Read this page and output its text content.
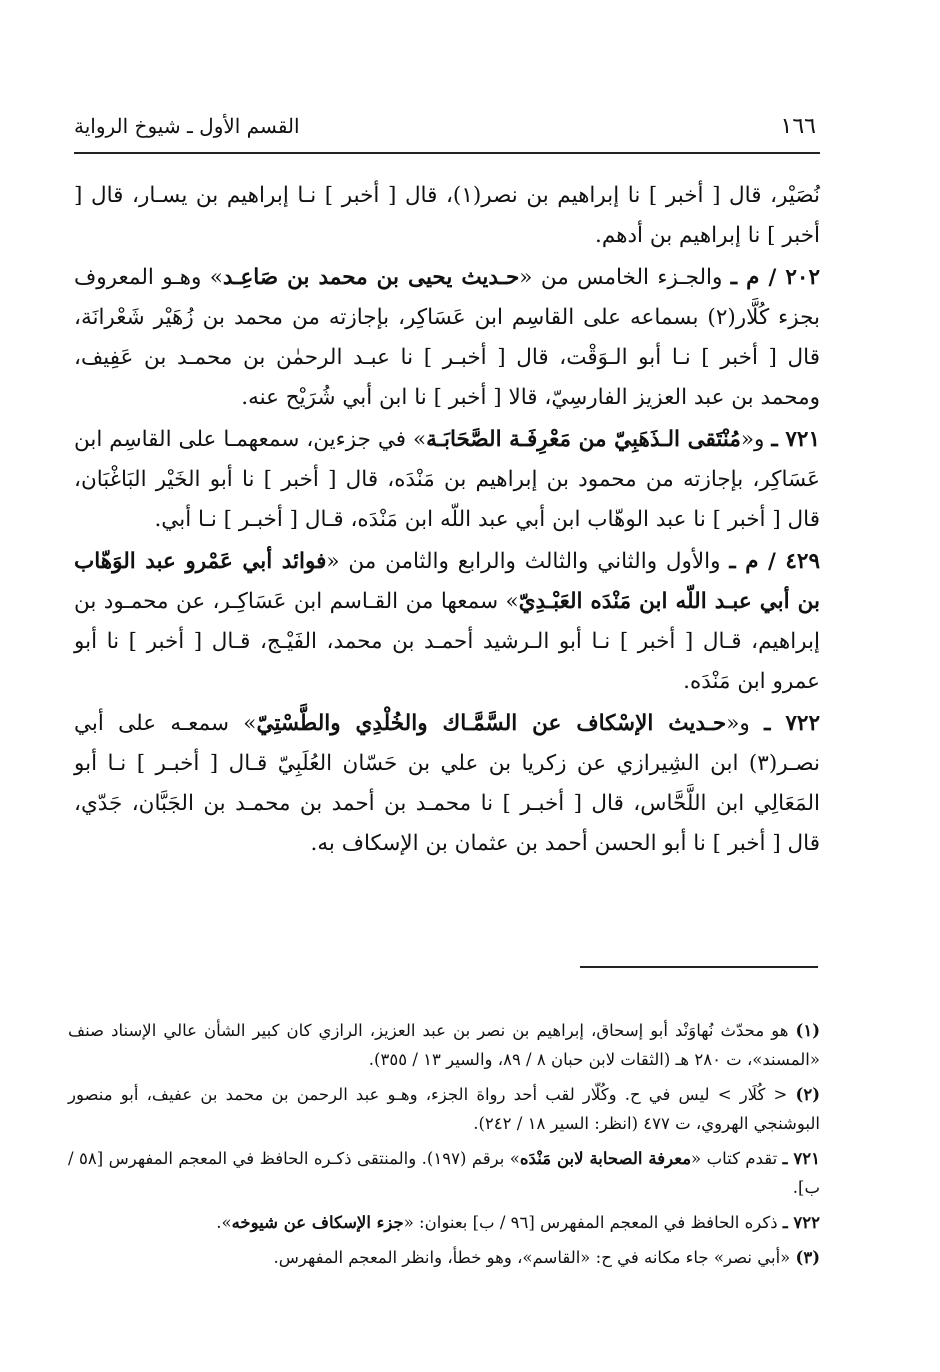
١٦٦
القسم الأول ـ شيوخ الرواية

نُصَيْر، قال [ أخبر ] نا إبراهيم بن نصر(١)، قال [ أخبر ] نـا إبراهيم بن يسـار، قال [ أخبر ] نا إبراهيم بن أدهم.

٢٠٢ / م ـ والجـزء الخامس من «حـديث يحيى بن محمد بن صَاعِـد» وهـو المعروف بجزء كُلَّار(٢) بسماعه على القاسِم ابن عَسَاكِر، بإجازته من محمد بن زُهَيْر شَعْرانَة، قال [ أخبر ] نـا أبو الـوَقْت، قال [ أخبـر ] نا عبـد الرحمٰن بن محمـد بن عَفِيف، ومحمد بن عبد العزيز الفارسِيّ، قالا [ أخبر ] نا ابن أبي شُرَيْح عنه.

٧٢١ ـ و«مُنْتَقى الـذَهَبِيّ من مَعْرِفَـة الصَّحَابَـة» في جزءين، سمعهمـا على القاسِم ابن عَسَاكِر، بإجازته من محمود بن إبراهيم بن مَنْدَه، قال [ أخبر ] نا أبو الخَيْر البَاغْبَان، قال [ أخبر ] نا عبد الوهّاب ابن أبي عبد اللّه ابن مَنْدَه، قـال [ أخبـر ] نـا أبي.

٤٢٩ / م ـ والأول والثاني والثالث والرابع والثامن من «فوائد أبي عَمْرو عبد الوَهّاب بن أبي عبـد اللّه ابن مَنْدَه العَبْـدِيّ» سمعها من القـاسم ابن عَسَاكِـر، عن محمـود بن إبراهيم، قـال [ أخبر ] نـا أبو الـرشيد أحمـد بن محمد، الفَيْـج، قـال [ أخبر ] نا أبو عمرو ابن مَنْدَه.

٧٢٢ ـ و«حـديث الإسْكاف عن السَّمَّـاك والخُلْدِي والطَّسْتِيّ» سمعـه على أبي نصـر(٣) ابن الشِيرازي عن زكريا بن علي بن حَسّان العُلَبِيّ قـال [ أخبـر ] نـا أبو المَعَالِي ابن اللَّحَّاس، قال [ أخبـر ] نا محمـد بن أحمد بن محمـد بن الجَبَّان، جَدّي، قال [ أخبر ] نا أبو الحسن أحمد بن عثمان بن الإسكاف به.

(١) هو محدّث نُهاوَنْد أبو إسحاق، إبراهيم بن نصر بن عبد العزيز، الرازي كان كبير الشأن عالي الإسناد صنف «المسند»، ت ٢٨٠ هـ (الثقات لابن حبان ٨ / ٨٩، والسير ١٣ / ٣٥٥).

(٢) < كُلَار > ليس في ح. وكُلّار لقب أحد رواة الجزء، وهـو عبد الرحمن بن محمد بن عفيف، أبو منصور البوشنجي الهروي، ت ٤٧٧ (انظر: السير ١٨ / ٢٤٢).

٧٢١ ـ تقدم كتاب «معرفة الصحابة لابن مَنْدَه» برقم (١٩٧). والمنتقى ذكـره الحافظ في المعجم المفهرس [٥٨ / ب].

٧٢٢ ـ ذكره الحافظ في المعجم المفهرس [٩٦ / ب] بعنوان: «جزء الإسكاف عن شيوخه».

(٣) «أبي نصر» جاء مكانه في ح: «القاسم»، وهو خطأ، وانظر المعجم المفهرس.
